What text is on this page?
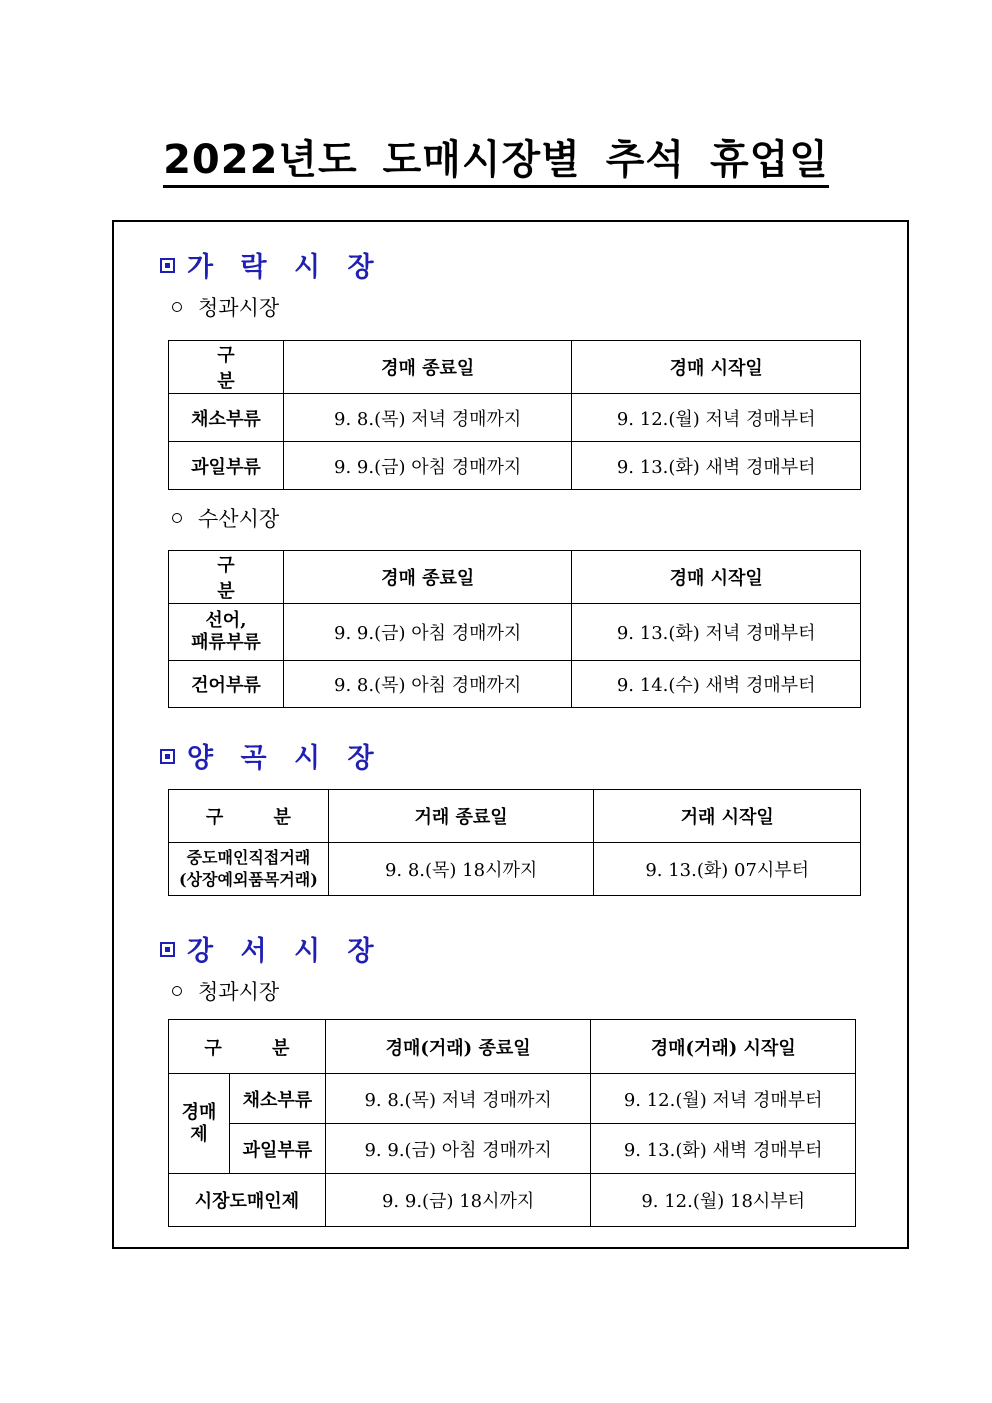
2022년도 도매시장별 추석 휴업일
가 락 시 장
청과시장
구 분	경매 종료일	경매 시작일
채소부류	9. 8.(목) 저녁 경매까지	9. 12.(월) 저녁 경매부터
과일부류	9. 9.(금) 아침 경매까지	9. 13.(화) 새벽 경매부터
수산시장
구 분	경매 종료일	경매 시작일

선어,
패류부류	9. 9.(금) 아침 경매까지	9. 13.(화) 저녁 경매부터
건어부류	9. 8.(목) 아침 경매까지	9. 14.(수) 새벽 경매부터
양 곡 시 장
구 분	거래 종료일	거래 시작일

중도매인직접거래
(상장예외품목거래)	9. 8.(목) 18시까지	9. 13.(화) 07시부터
강 서 시 장
청과시장
구 분		경매(거래) 종료일	경매(거래) 시작일

경매
제	채소부류	9. 8.(목) 저녁 경매까지	9. 12.(월) 저녁 경매부터
	과일부류	9. 9.(금) 아침 경매까지	9. 13.(화) 새벽 경매부터
시장도매인제		9. 9.(금) 18시까지	9. 12.(월) 18시부터
